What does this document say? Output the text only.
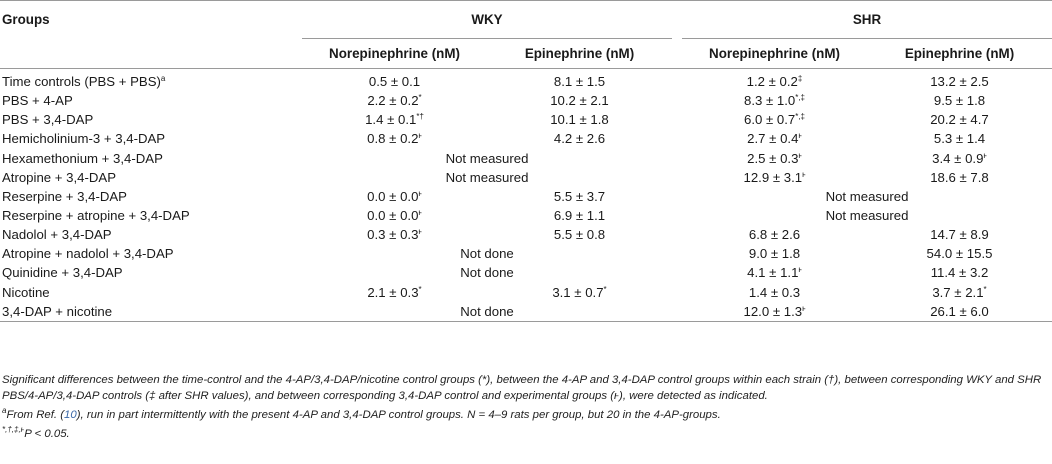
Groups	WKY			SHR	
	Norepinephrine (nM)	Epinephrine (nM)		Norepinephrine (nM)	Epinephrine (nM)
Time controls (PBS + PBS)$^a$	0.5 ± 0.1	8.1 ± 1.5		1.2 ± 0.2‡	13.2 ± 2.5
PBS + 4-AP	2.2 ± 0.2*	10.2 ± 2.1		8.3 ± 1.0*,‡	9.5 ± 1.8
PBS + 3,4-DAP	1.4 ± 0.1*†	10.1 ± 1.8		6.0 ± 0.7*,‡	20.2 ± 4.7
Hemicholinium-3 + 3,4-DAP	$0.8 \pm 0.2^ⱶ$	4.2 ± 2.6		$2.7 \pm 0.4^ⱶ$	5.3 ± 1.4
Hexamethonium + 3,4-DAP	Not measured			$2.5 \pm 0.3^ⱶ$	$3.4 \pm 0.9^ⱶ$
Atropine + 3,4-DAP	Not measured			$12.9 \pm 3.1^ⱶ$	18.6 ± 7.8
Reserpine + 3,4-DAP	$0.0 \pm 0.0^ⱶ$	5.5 ± 3.7		Not measured	
Reserpine + atropine + 3,4-DAP	$0.0 \pm 0.0^ⱶ$	6.9 ± 1.1		Not measured	
Nadolol + 3,4-DAP	$0.3 \pm 0.3^ⱶ$	5.5 ± 0.8		6.8 ± 2.6	14.7 ± 8.9
Atropine + nadolol + 3,4-DAP	Not done			9.0 ± 1.8	54.0 ± 15.5
Quinidine + 3,4-DAP	Not done			$4.1 \pm 1.1^ⱶ$	11.4 ± 3.2
Nicotine	2.1 ± 0.3*	3.1 ± 0.7*		1.4 ± 0.3	3.7 ± 2.1*
3,4-DAP + nicotine	Not done			$12.0 \pm 1.3^ⱶ$	26.1 ± 6.0

Significant differences between the time-control and the 4-AP/3,4-DAP/nicotine control groups (*), between the 4-AP and 3,4-DAP control groups within each strain (†), between corresponding WKY and SHR PBS/4-AP/3,4-DAP controls (‡ after SHR values), and between corresponding 3,4-DAP control and experimental groups (ⱶ), were detected as indicated.

$^a$From Ref. (10), run in part intermittently with the present 4-AP and 3,4-DAP control groups. N = 4–9 rats per group, but 20 in the 4-AP-groups.

$^{*,\dagger,\ddagger,ⱶ}$P < 0.05.
